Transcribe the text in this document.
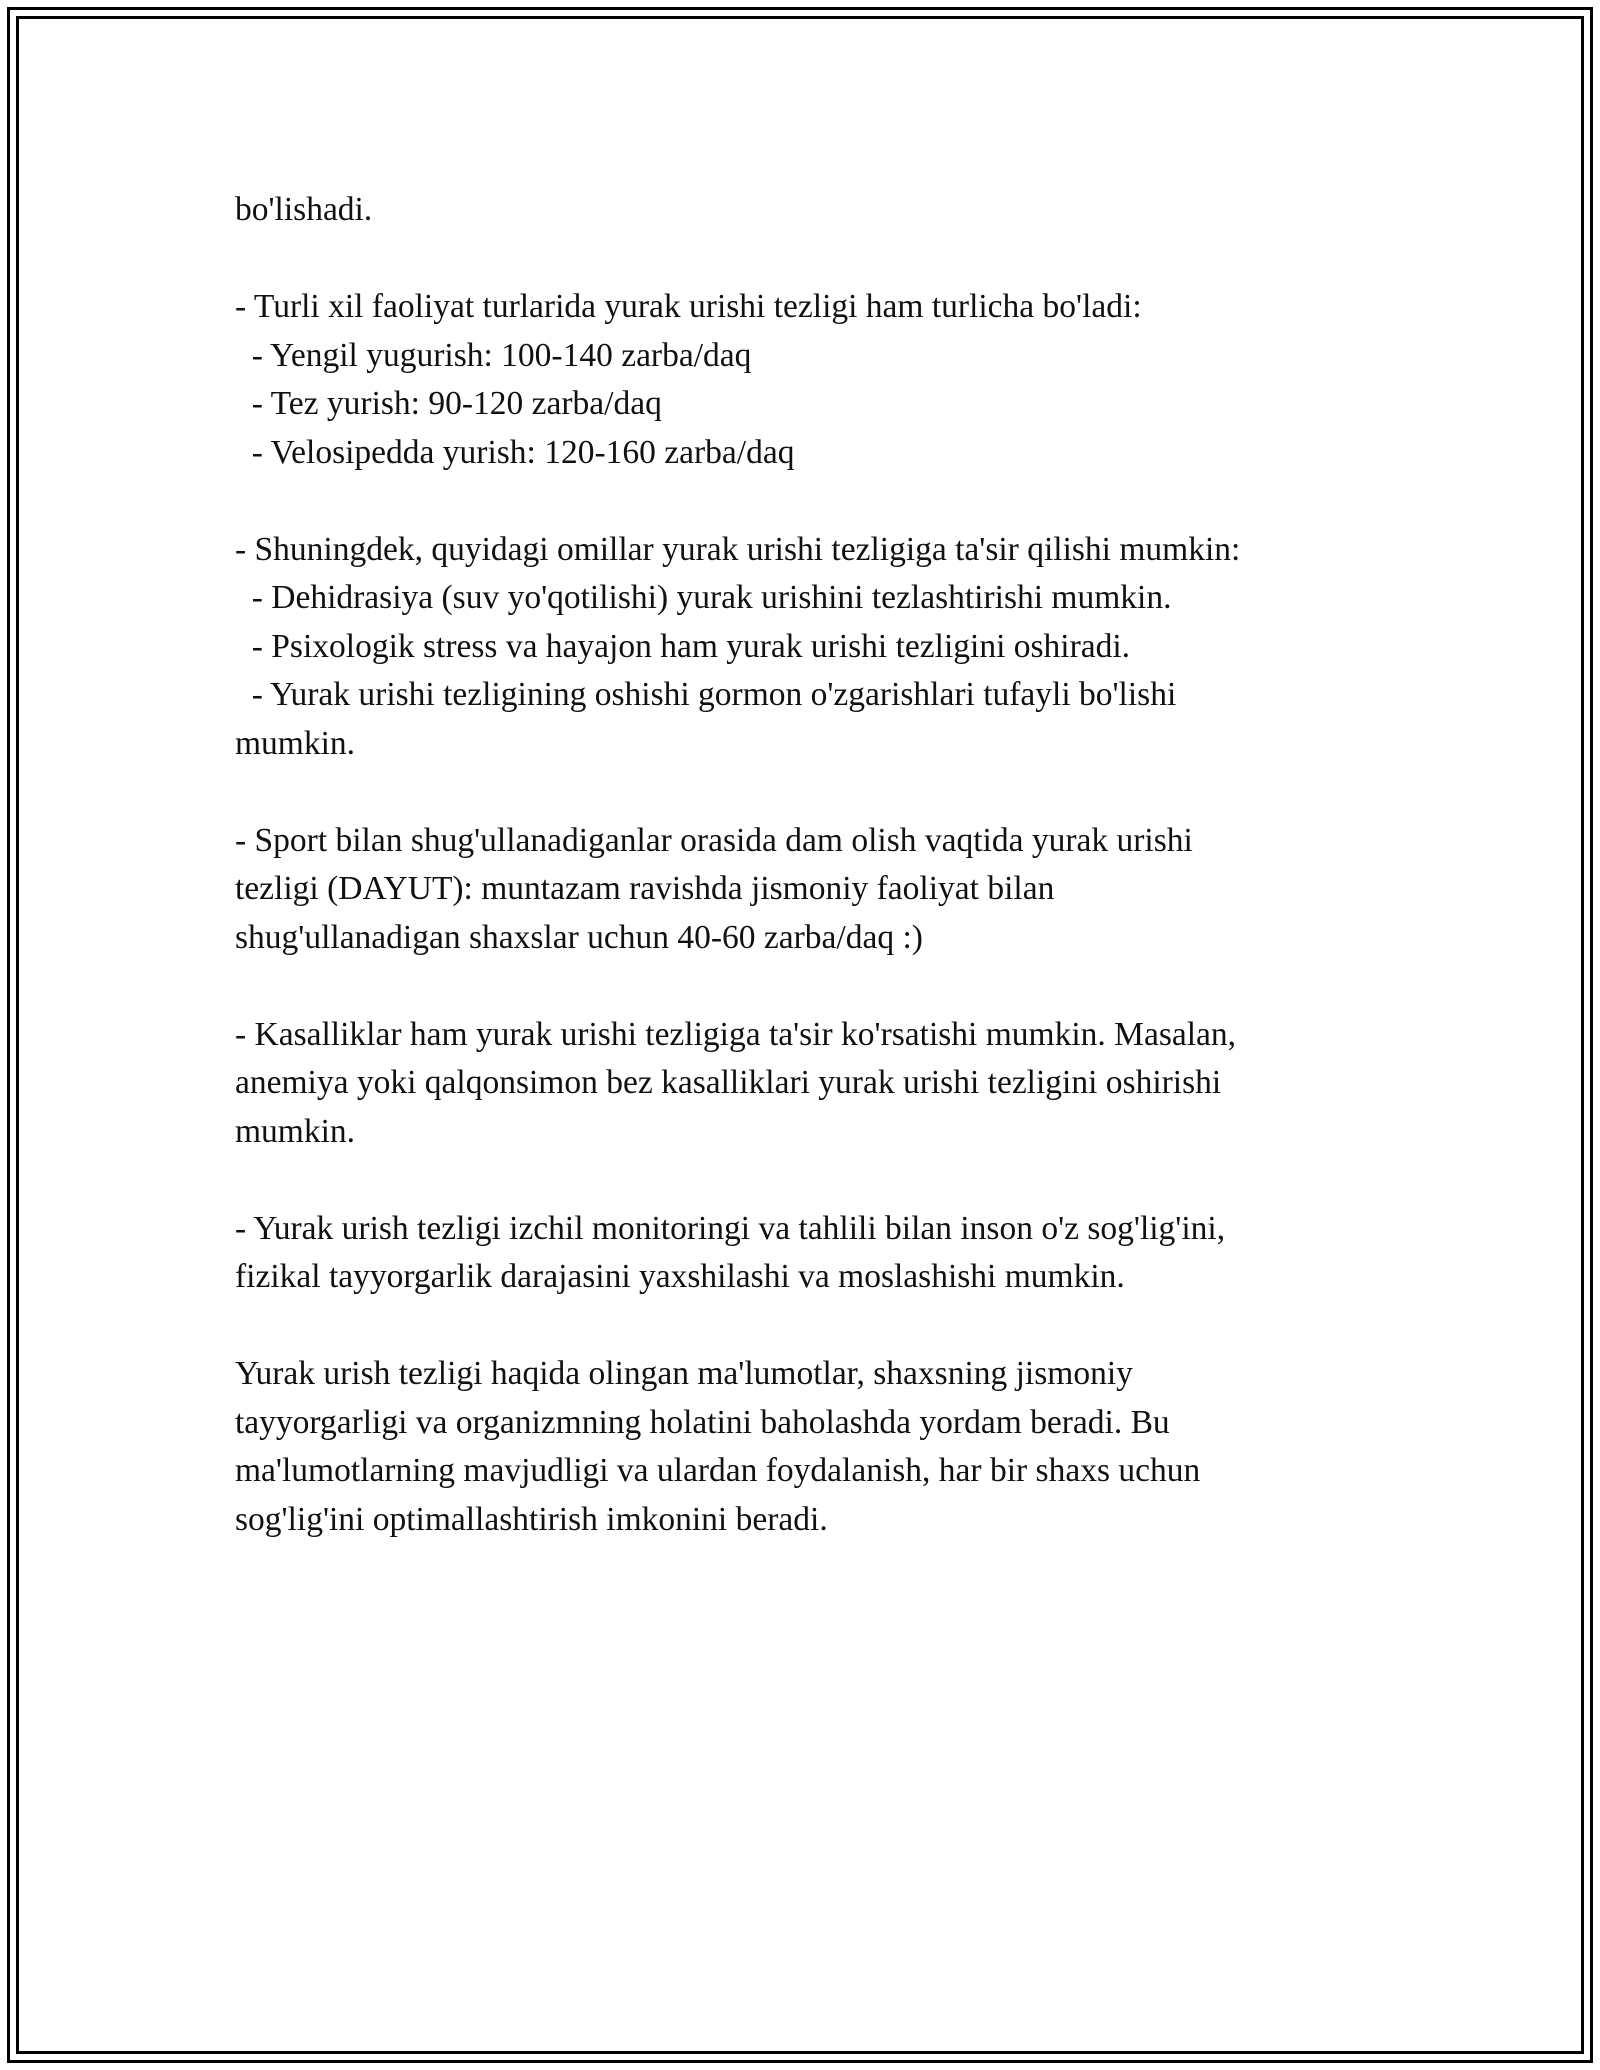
bo'lishadi.
- Turli xil faoliyat turlarida yurak urishi tezligi ham turlicha bo'ladi:
- Yengil yugurish: 100-140 zarba/daq
- Tez yurish: 90-120 zarba/daq
- Velosipedda yurish: 120-160 zarba/daq
- Shuningdek, quyidagi omillar yurak urishi tezligiga ta'sir qilishi mumkin:
- Dehidrasiya (suv yo'qotilishi) yurak urishini tezlashtirishi mumkin.
- Psixologik stress va hayajon ham yurak urishi tezligini oshiradi.
- Yurak urishi tezligining oshishi gormon o'zgarishlari tufayli bo'lishi
mumkin.
- Sport bilan shug'ullanadiganlar orasida dam olish vaqtida yurak urishi
tezligi (DAYUT): muntazam ravishda jismoniy faoliyat bilan
shug'ullanadigan shaxslar uchun 40-60 zarba/daq :)
- Kasalliklar ham yurak urishi tezligiga ta'sir ko'rsatishi mumkin. Masalan,
anemiya yoki qalqonsimon bez kasalliklari yurak urishi tezligini oshirishi
mumkin.
- Yurak urish tezligi izchil monitoringi va tahlili bilan inson o'z sog'lig'ini,
fizikal tayyorgarlik darajasini yaxshilashi va moslashishi mumkin.
Yurak urish tezligi haqida olingan ma'lumotlar, shaxsning jismoniy
tayyorgarligi va organizmning holatini baholashda yordam beradi. Bu
ma'lumotlarning mavjudligi va ulardan foydalanish, har bir shaxs uchun
sog'lig'ini optimallashtirish imkonini beradi.
